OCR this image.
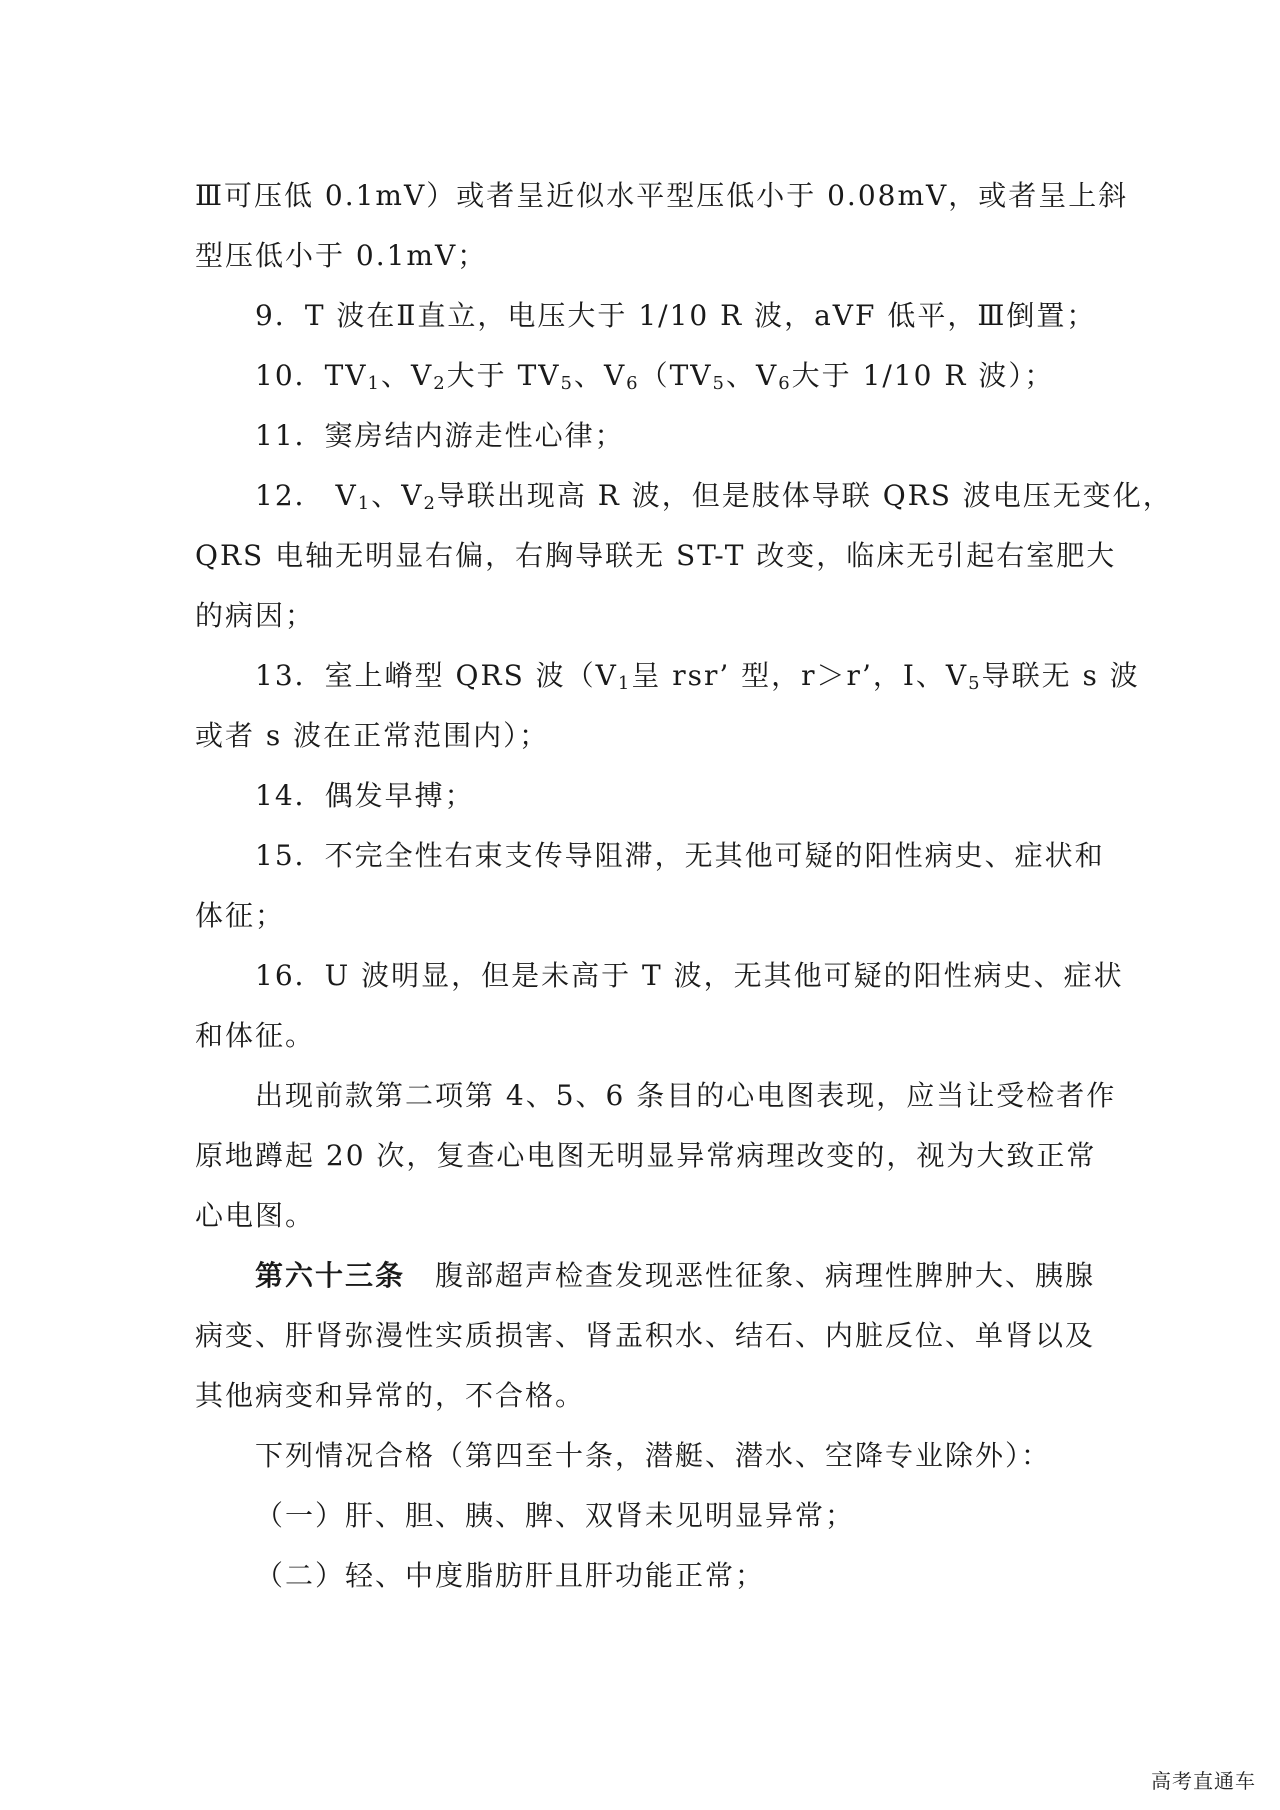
Ⅲ可压低 0.1mV）或者呈近似水平型压低小于 0.08mV，或者呈上斜
型压低小于 0.1mV；
9．T 波在Ⅱ直立，电压大于 1/10 R 波，aVF 低平，Ⅲ倒置；
10．$TV_1$、$V_2$大于 $TV_5$、$V_6(TV_5$、$V_6$大于 1/10 R 波）；
11．窦房结内游走性心律；
12． $V_1$、$V_2$导联出现高 R 波，但是肢体导联 QRS 波电压无变化，
QRS 电轴无明显右偏，右胸导联无 ST-T 改变，临床无引起右室肥大
的病因；
13．室上嵴型 QRS 波（$V_1$呈 rsr’ 型，r＞r’，I、$V_5$导联无 s 波
或者 s 波在正常范围内）；
14．偶发早搏；
15．不完全性右束支传导阻滞，无其他可疑的阳性病史、症状和
体征；
16．U 波明显，但是未高于 T 波，无其他可疑的阳性病史、症状
和体征。
出现前款第二项第 4、5、6 条目的心电图表现，应当让受检者作
原地蹲起 20 次，复查心电图无明显异常病理改变的，视为大致正常
心电图。
第六十三条　腹部超声检查发现恶性征象、病理性脾肿大、胰腺
病变、肝肾弥漫性实质损害、肾盂积水、结石、内脏反位、单肾以及
其他病变和异常的，不合格。
下列情况合格（第四至十条，潜艇、潜水、空降专业除外）：
（一）肝、胆、胰、脾、双肾未见明显异常；
（二）轻、中度脂肪肝且肝功能正常；
高考直通车
